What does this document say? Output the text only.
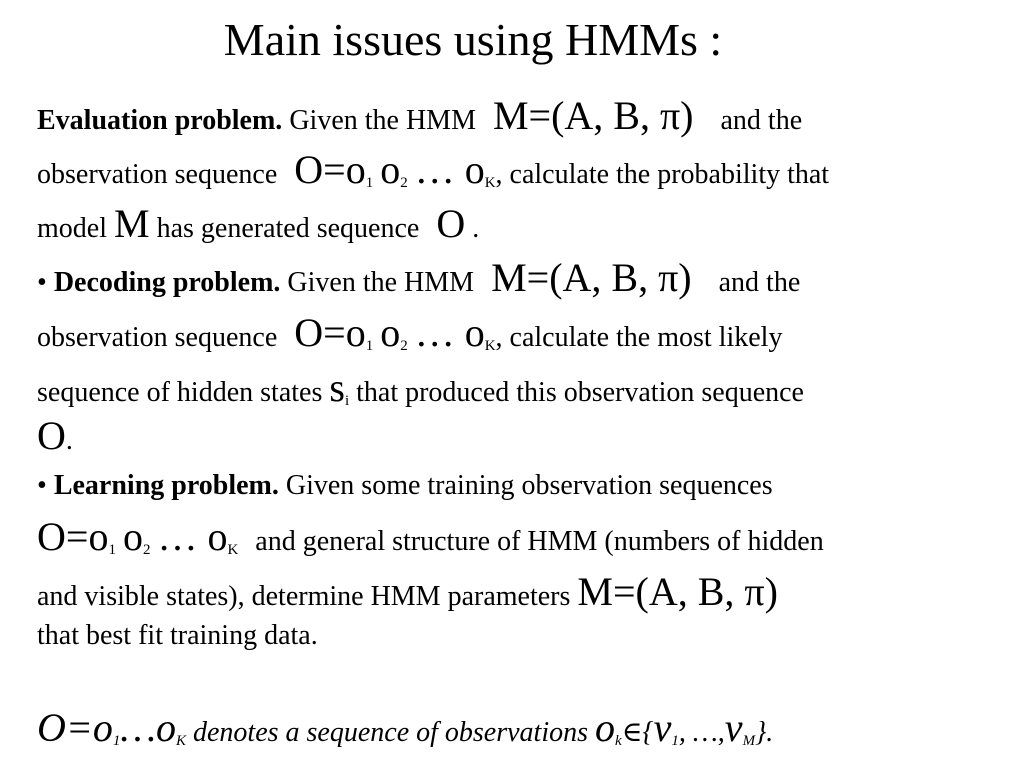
Main issues using HMMs :
Evaluation problem. Given the HMM M=(A, B, π) and the
observation sequence $O=o_1$ $o_2$ … $o_K$, calculate the probability that
model M has generated sequence O .
• Decoding problem. Given the HMM M=(A, B, π) and the
observation sequence $O=o_1$ $o_2$ … $o_K$, calculate the most likely
sequence of hidden states $s_i$ that produced this observation sequence
O.
• Learning problem. Given some training observation sequences
$O=o_1$ $o_2$ … $o_K$ and general structure of HMM (numbers of hidden
and visible states), determine HMM parameters M=(A, B, π)
that best fit training data.
$O=o_1\dots o_K$ denotes a sequence of observations $o_k\in\{v_1$, $\dots,v_M$}.
